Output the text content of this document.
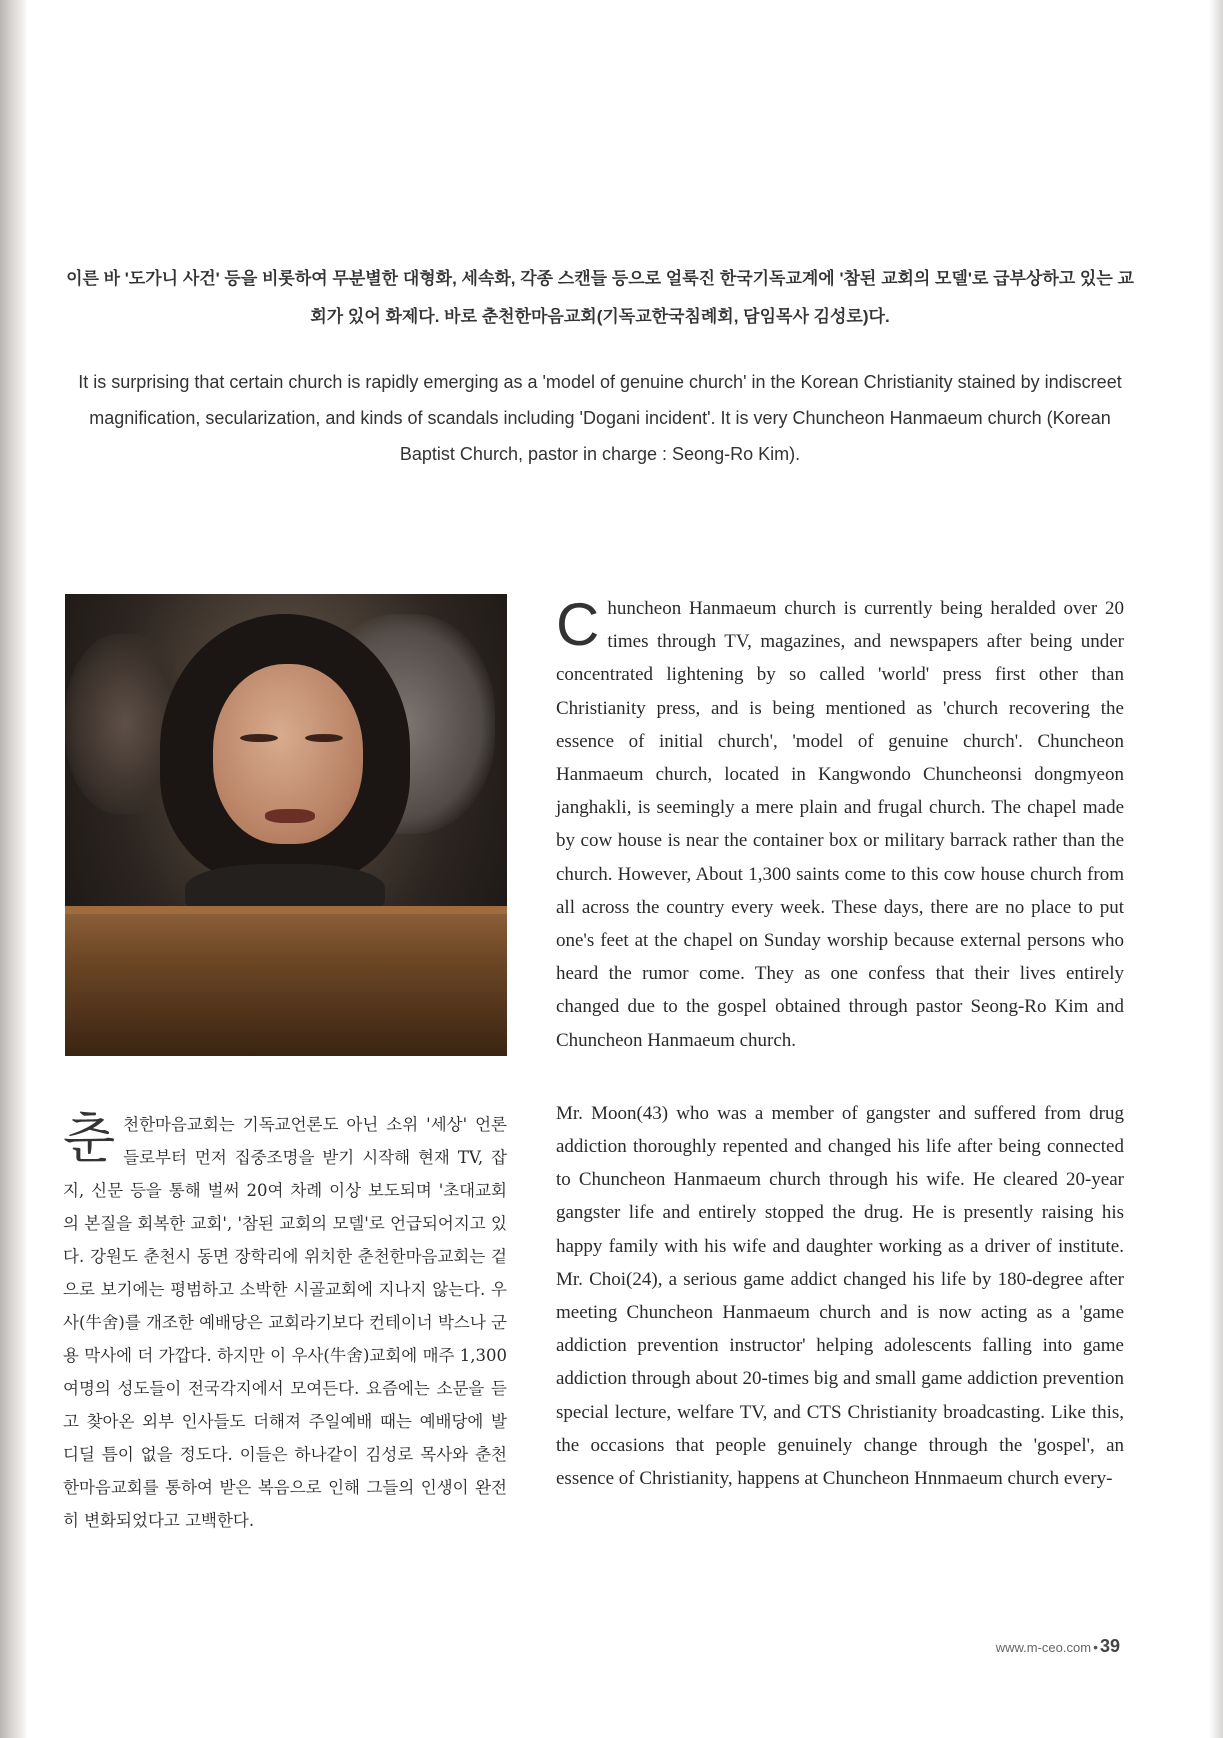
이른 바 '도가니 사건' 등을 비롯하여 무분별한 대형화, 세속화, 각종 스캔들 등으로 얼룩진 한국기독교계에 '참된 교회의 모델'로 급부상하고 있는 교회가 있어 화제다. 바로 춘천한마음교회(기독교한국침례회, 담임목사 김성로)다.

It is surprising that certain church is rapidly emerging as a 'model of genuine church' in the Korean Christianity stained by indiscreet magnification, secularization, and kinds of scandals including 'Dogani incident'. It is very Chuncheon Hanmaeum church (Korean Baptist Church, pastor in charge : Seong-Ro Kim).

춘천한마음교회는 기독교언론도 아닌 소위 '세상' 언론들로부터 먼저 집중조명을 받기 시작해 현재 TV, 잡지, 신문 등을 통해 벌써 20여 차례 이상 보도되며 '초대교회의 본질을 회복한 교회', '참된 교회의 모델'로 언급되어지고 있다. 강원도 춘천시 동면 장학리에 위치한 춘천한마음교회는 겉으로 보기에는 평범하고 소박한 시골교회에 지나지 않는다. 우사(牛舍)를 개조한 예배당은 교회라기보다 컨테이너 박스나 군용 막사에 더 가깝다. 하지만 이 우사(牛舍)교회에 매주 1,300여명의 성도들이 전국각지에서 모여든다. 요즘에는 소문을 듣고 찾아온 외부 인사들도 더해져 주일예배 때는 예배당에 발 디딜 틈이 없을 정도다. 이들은 하나같이 김성로 목사와 춘천한마음교회를 통하여 받은 복음으로 인해 그들의 인생이 완전히 변화되었다고 고백한다.

Chuncheon Hanmaeum church is currently being heralded over 20 times through TV, magazines, and newspapers after being under concentrated lightening by so called 'world' press first other than Christianity press, and is being mentioned as 'church recovering the essence of initial church', 'model of genuine church'. Chuncheon Hanmaeum church, located in Kangwondo Chuncheonsi dongmyeon janghakli, is seemingly a mere plain and frugal church. The chapel made by cow house is near the container box or military barrack rather than the church. However, About 1,300 saints come to this cow house church from all across the country every week. These days, there are no place to put one's feet at the chapel on Sunday worship because external persons who heard the rumor come. They as one confess that their lives entirely changed due to the gospel obtained through pastor Seong-Ro Kim and Chuncheon Hanmaeum church.

Mr. Moon(43) who was a member of gangster and suffered from drug addiction thoroughly repented and changed his life after being connected to Chuncheon Hanmaeum church through his wife. He cleared 20-year gangster life and entirely stopped the drug. He is presently raising his happy family with his wife and daughter working as a driver of institute. Mr. Choi(24), a serious game addict changed his life by 180-degree after meeting Chuncheon Hanmaeum church and is now acting as a 'game addiction prevention instructor' helping adolescents falling into game addiction through about 20-times big and small game addiction prevention special lecture, welfare TV, and CTS Christianity broadcasting. Like this, the occasions that people genuinely change through the 'gospel', an essence of Christianity, happens at Chuncheon Hnnmaeum church every-

www.m-ceo.com • 39
